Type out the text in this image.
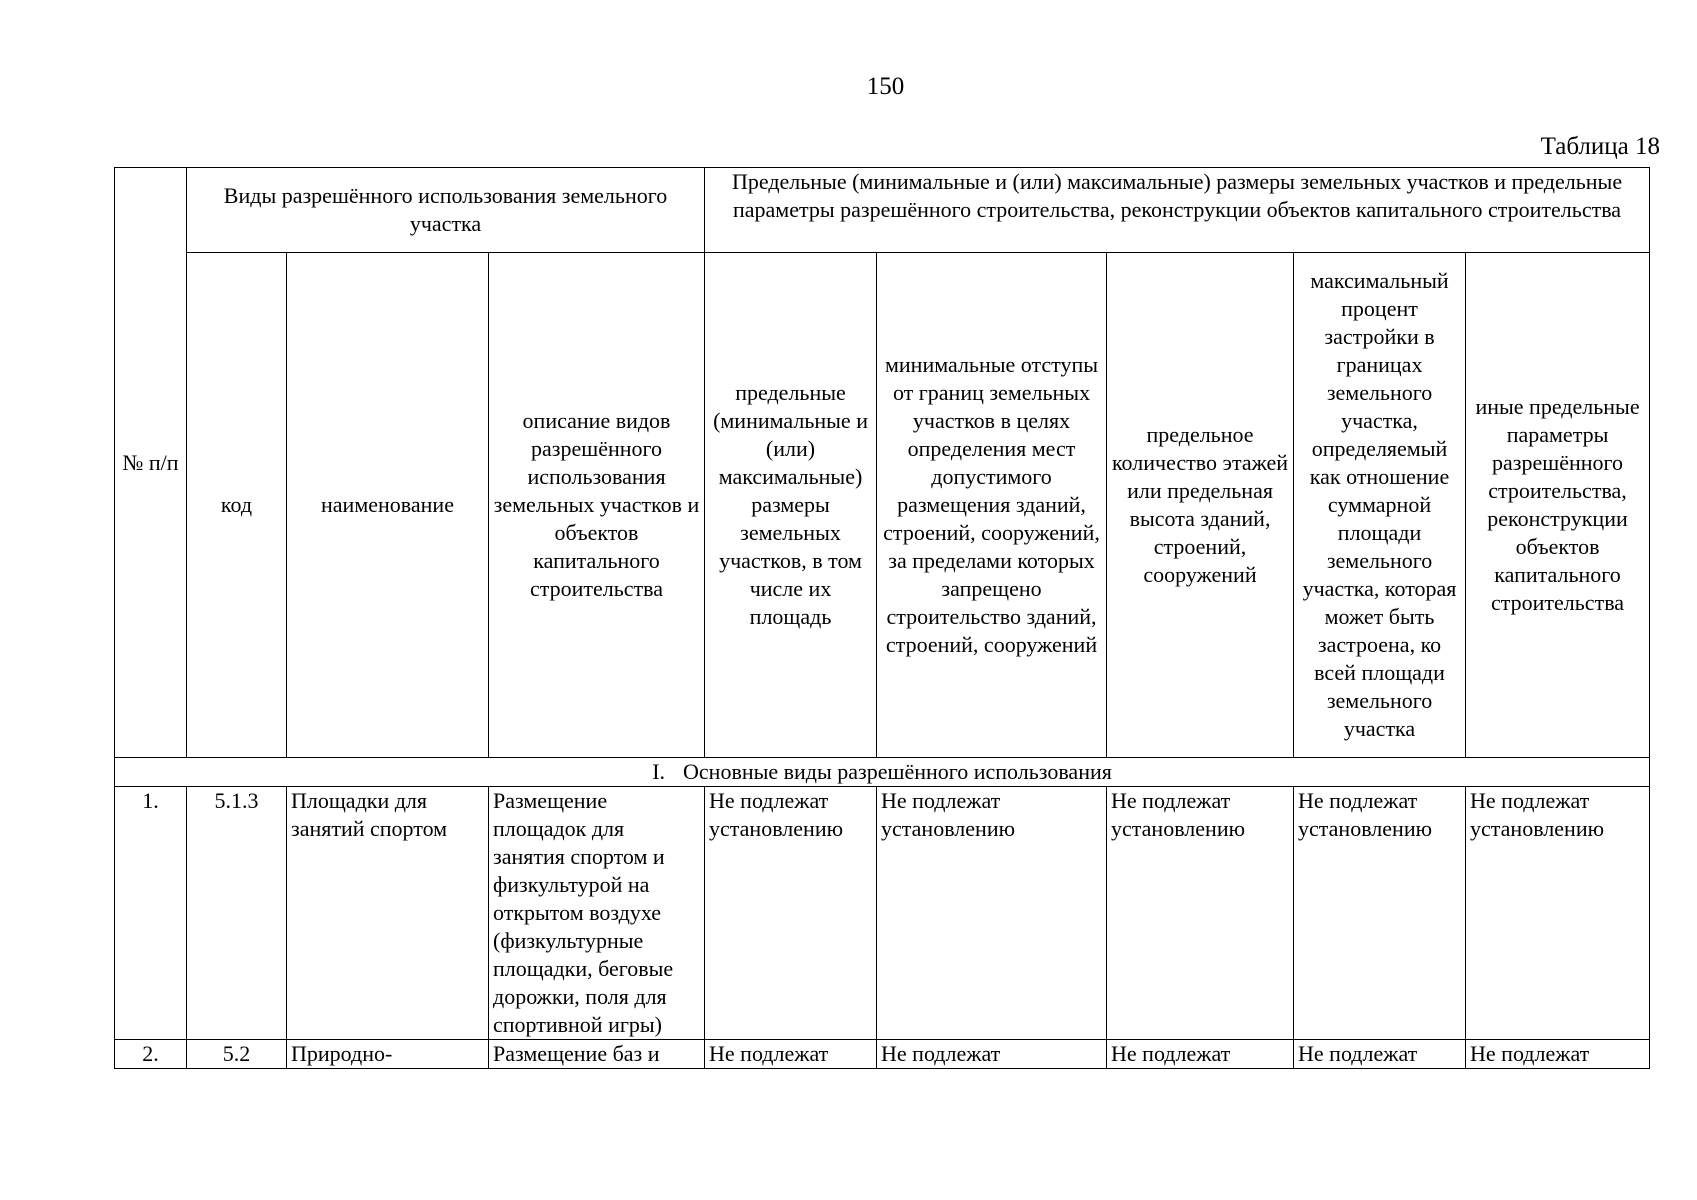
150
Таблица 18
№ п/п	Виды разрешённого использования земельного участка			Предельные (минимальные и (или) максимальные) размеры земельных участков и предельные параметры разрешённого строительства, реконструкции объектов капитального строительства				
	код	наименование	описание видов разрешённого использования земельных участков и объектов капитального строительства	предельные (минимальные и (или) максимальные) размеры земельных участков, в том числе их площадь	минимальные отступы от границ земельных участков в целях определения мест допустимого размещения зданий, строений, сооружений, за пределами которых запрещено строительство зданий, строений, сооружений	предельное количество этажей или предельная высота зданий, строений, сооружений	максимальный процент застройки в границах земельного участка, определяемый как отношение суммарной площади земельного участка, которая может быть застроена, ко всей площади земельного участка	иные предельные параметры разрешённого строительства, реконструкции объектов капитального строительства
I. Основные виды разрешённого использования								
1.	5.1.3	Площадки для занятий спортом	Размещение площадок для занятия спортом и физкультурой на открытом воздухе (физкультурные площадки, беговые дорожки, поля для спортивной игры)	Не подлежат установлению	Не подлежат установлению	Не подлежат установлению	Не подлежат установлению	Не подлежат установлению
2.	5.2	Природно-	Размещение баз и	Не подлежат	Не подлежат	Не подлежат	Не подлежат	Не подлежат
